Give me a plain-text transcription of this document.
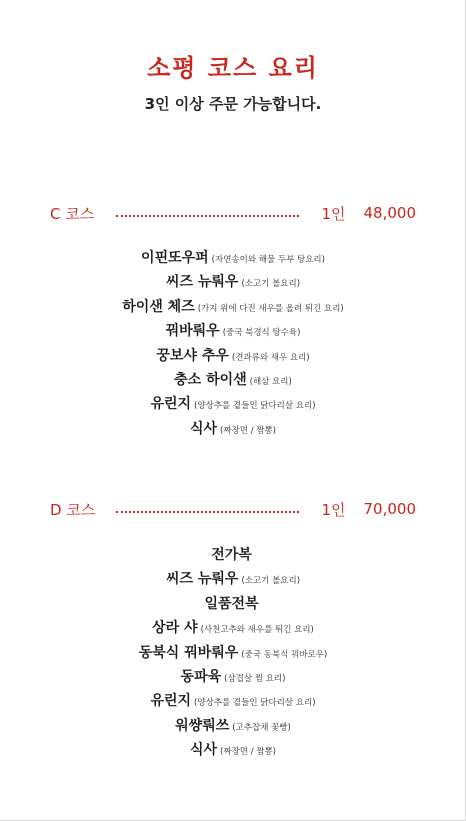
소평 코스 요리
3인 이상 주문 가능합니다.
C 코스	1인 48,000
이핀또우퍼 (자연송이와 해물 두부 탕요리)
씨즈 뉴뤄우 (소고기 볼요리)
하이샌 체즈 (가지 위에 다진 새우를 올려 튀긴 요리)
꿔바뤄우 (중국 북경식 탕수육)
꿍보샤 추우 (견과류와 새우 요리)
충소 하이샌 (해삼 요리)
유린지 (양상추를 곁들인 닭다리살 요리)
식사 (짜장면 / 짬뽕)
D 코스	1인 70,000
전가복
씨즈 뉴뤄우 (소고기 볼요리)
일품전복
상라 샤 (사천고추와 새우를 튀긴 요리)
동북식 꿔바뤄우 (중국 동북식 꿔바로우)
동파육 (삼겹살 찜 요리)
유린지 (양상추를 곁들인 닭다리살 요리)
워썅뤄쓰 (고추잡채 꽃빵)
식사 (짜장면 / 짬뽕)
